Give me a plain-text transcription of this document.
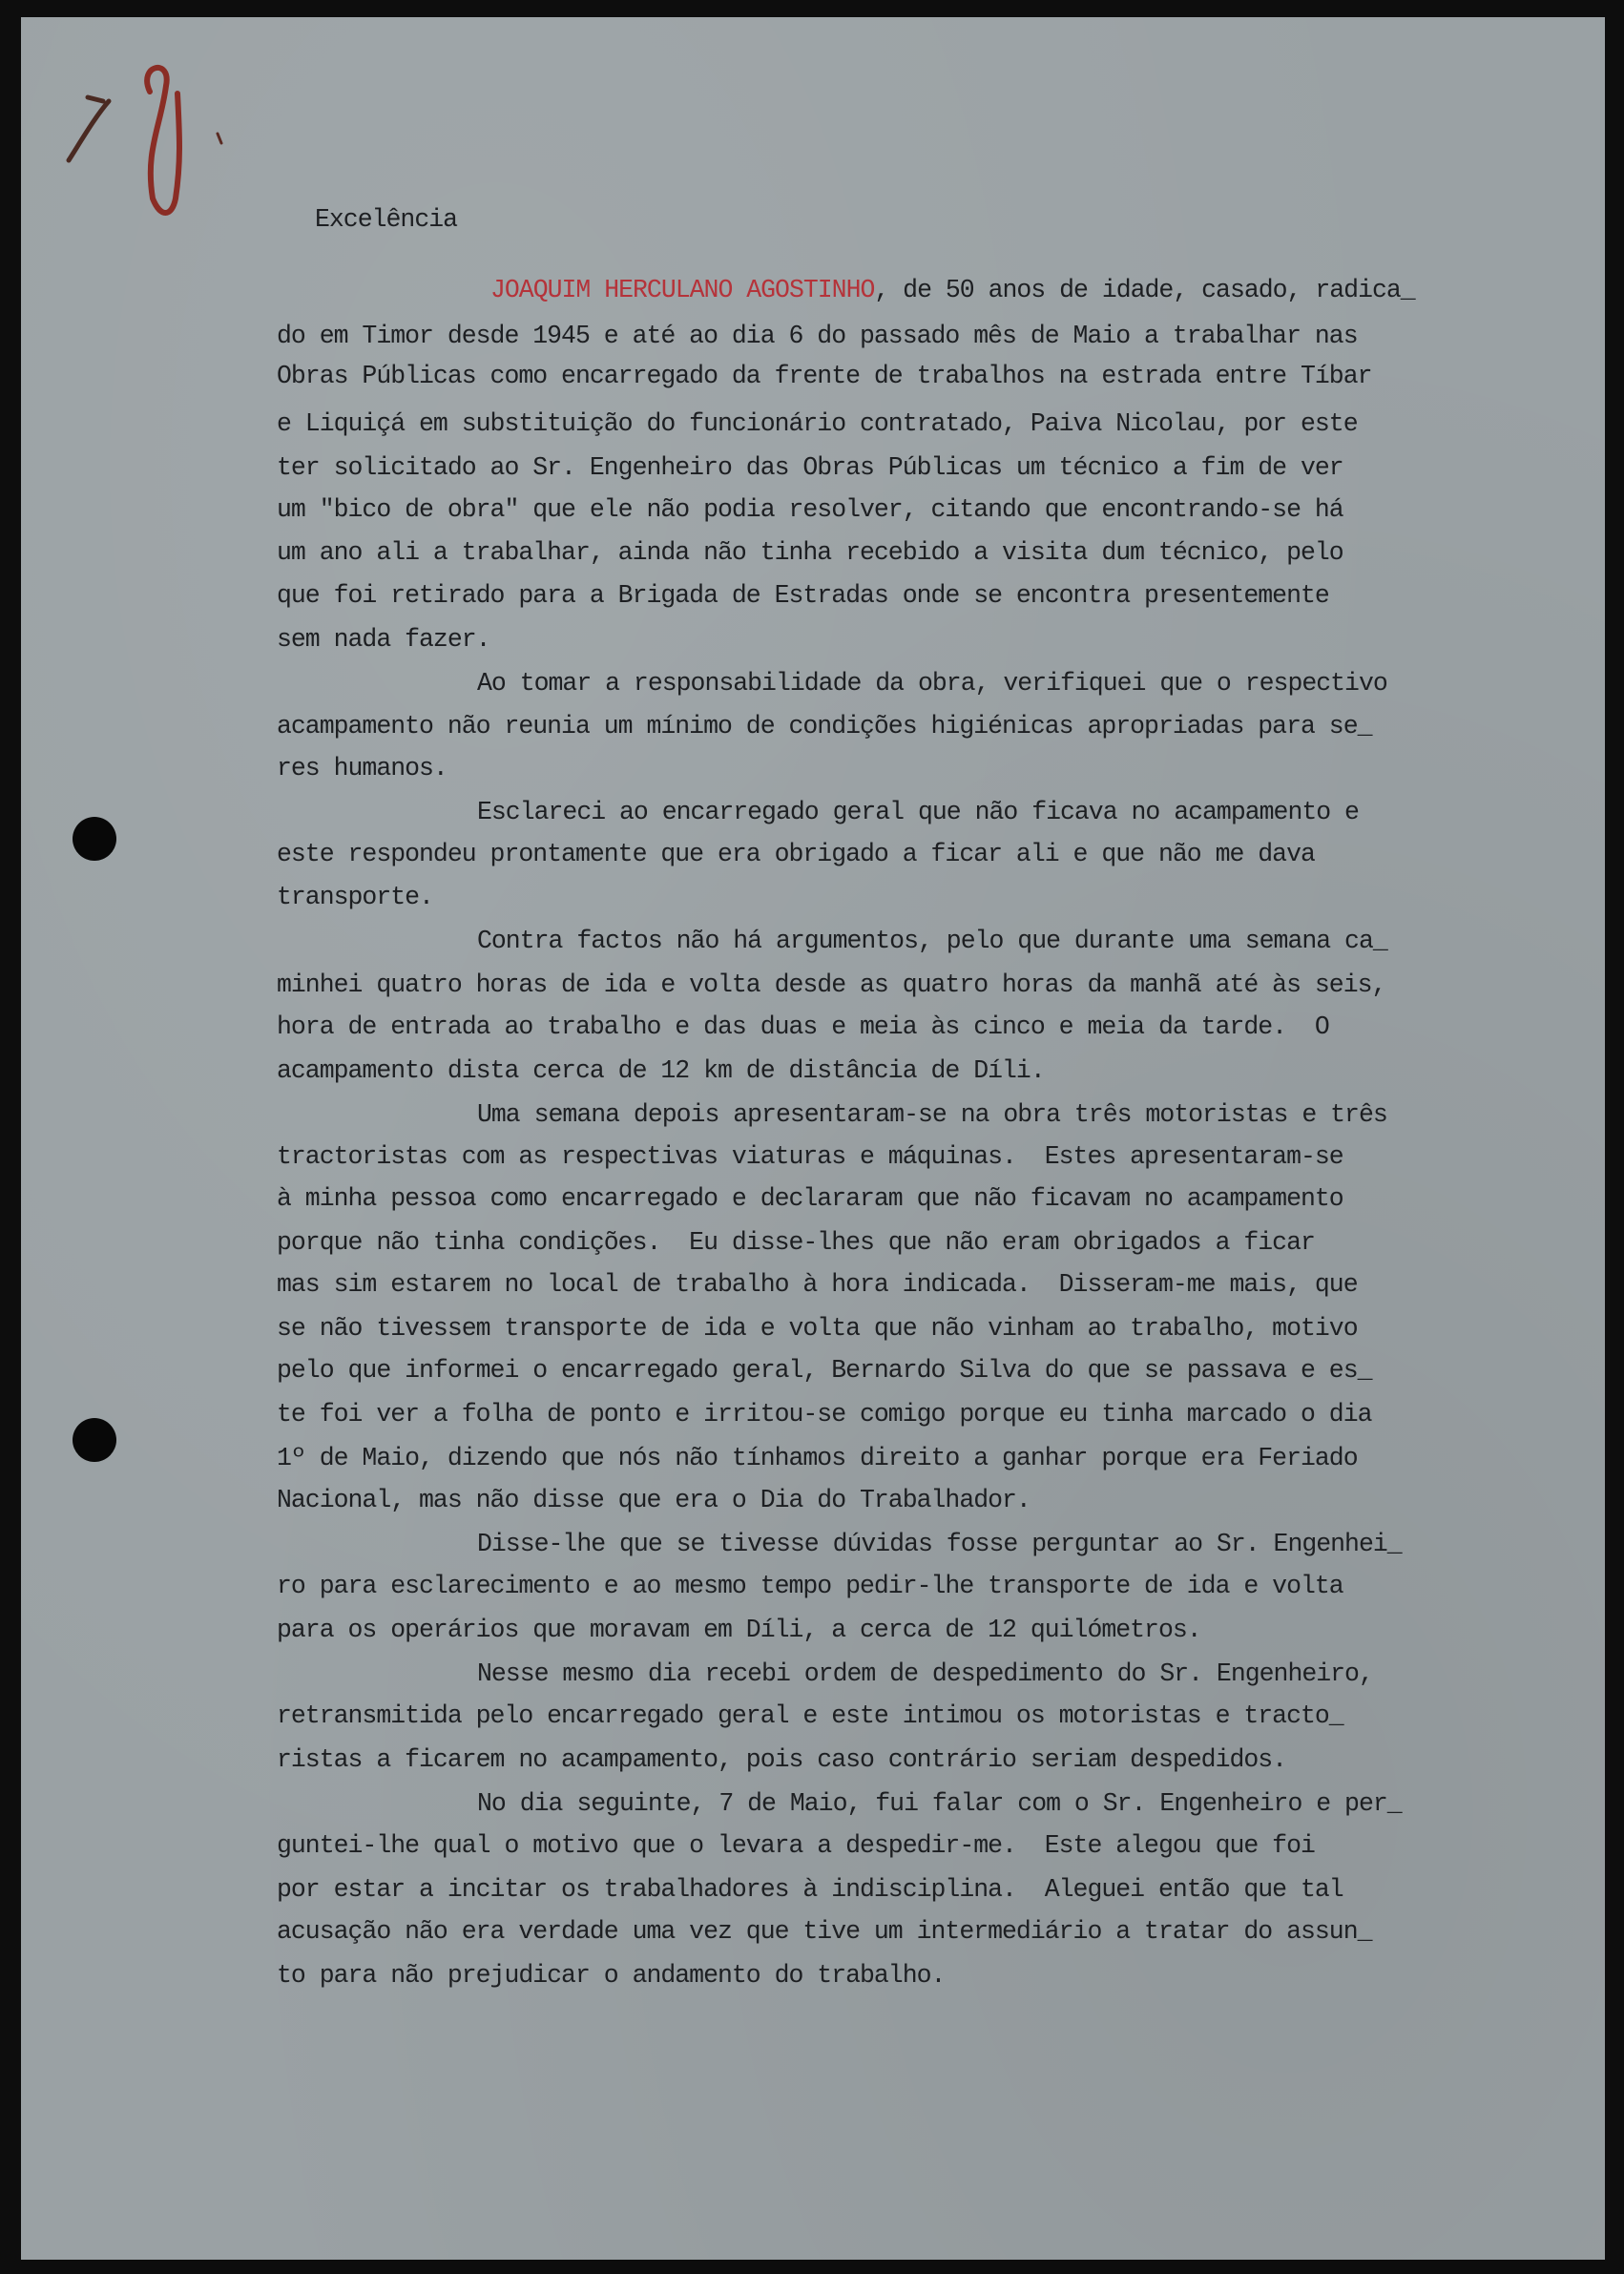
Excelência
JOAQUIM HERCULANO AGOSTINHO, de 50 anos de idade, casado, radica_
do em Timor desde 1945 e até ao dia 6 do passado mês de Maio a trabalhar nas
Obras Públicas como encarregado da frente de trabalhos na estrada entre Tíbar
e Liquiçá em substituição do funcionário contratado, Paiva Nicolau, por este
ter solicitado ao Sr. Engenheiro das Obras Públicas um técnico a fim de ver
um "bico de obra" que ele não podia resolver, citando que encontrando-se há
um ano ali a trabalhar, ainda não tinha recebido a visita dum técnico, pelo
que foi retirado para a Brigada de Estradas onde se encontra presentemente
sem nada fazer.
Ao tomar a responsabilidade da obra, verifiquei que o respectivo
acampamento não reunia um mínimo de condições higiénicas apropriadas para se_
res humanos.
Esclareci ao encarregado geral que não ficava no acampamento e
este respondeu prontamente que era obrigado a ficar ali e que não me dava
transporte.
Contra factos não há argumentos, pelo que durante uma semana ca_
minhei quatro horas de ida e volta desde as quatro horas da manhã até às seis,
hora de entrada ao trabalho e das duas e meia às cinco e meia da tarde.  O
acampamento dista cerca de 12 km de distância de Díli.
Uma semana depois apresentaram-se na obra três motoristas e três
tractoristas com as respectivas viaturas e máquinas.  Estes apresentaram-se
à minha pessoa como encarregado e declararam que não ficavam no acampamento
porque não tinha condições.  Eu disse-lhes que não eram obrigados a ficar
mas sim estarem no local de trabalho à hora indicada.  Disseram-me mais, que
se não tivessem transporte de ida e volta que não vinham ao trabalho, motivo
pelo que informei o encarregado geral, Bernardo Silva do que se passava e es_
te foi ver a folha de ponto e irritou-se comigo porque eu tinha marcado o dia
1º de Maio, dizendo que nós não tínhamos direito a ganhar porque era Feriado
Nacional, mas não disse que era o Dia do Trabalhador.
Disse-lhe que se tivesse dúvidas fosse perguntar ao Sr. Engenhei_
ro para esclarecimento e ao mesmo tempo pedir-lhe transporte de ida e volta
para os operários que moravam em Díli, a cerca de 12 quilómetros.
Nesse mesmo dia recebi ordem de despedimento do Sr. Engenheiro,
retransmitida pelo encarregado geral e este intimou os motoristas e tracto_
ristas a ficarem no acampamento, pois caso contrário seriam despedidos.
No dia seguinte, 7 de Maio, fui falar com o Sr. Engenheiro e per_
guntei-lhe qual o motivo que o levara a despedir-me.  Este alegou que foi
por estar a incitar os trabalhadores à indisciplina.  Aleguei então que tal
acusação não era verdade uma vez que tive um intermediário a tratar do assun_
to para não prejudicar o andamento do trabalho.
